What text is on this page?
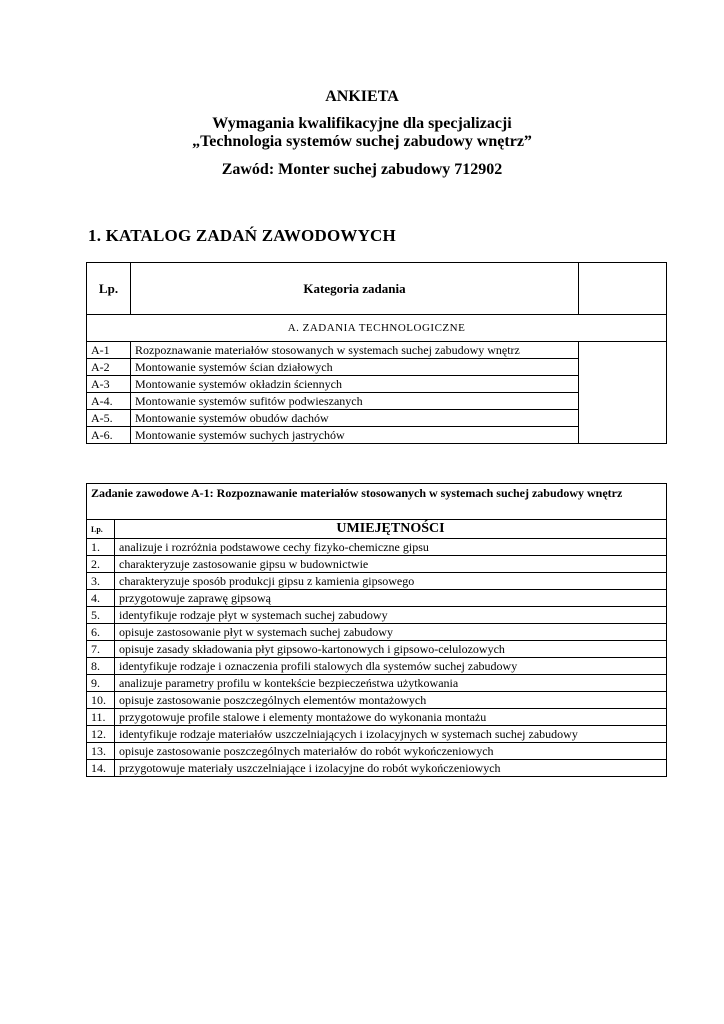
ANKIETA
Wymagania kwalifikacyjne dla specjalizacji
„Technologia systemów suchej zabudowy wnętrz”
Zawód: Monter suchej zabudowy 712902
1. KATALOG ZADAŃ ZAWODOWYCH
Lp.	Kategoria zadania	
A. ZADANIA TECHNOLOGICZNE		
A-1	Rozpoznawanie materiałów stosowanych w systemach suchej zabudowy wnętrz	
A-2	Montowanie systemów ścian działowych	
A-3	Montowanie systemów okładzin ściennych	
A-4.	Montowanie systemów sufitów podwieszanych	
A-5.	Montowanie systemów obudów dachów	
A-6.	Montowanie systemów suchych jastrychów	
Zadanie zawodowe A-1: Rozpoznawanie materiałów stosowanych w systemach suchej zabudowy wnętrz	
Lp.	UMIEJĘTNOŚCI
1.	analizuje i rozróżnia podstawowe cechy fizyko-chemiczne gipsu
2.	charakteryzuje zastosowanie gipsu w budownictwie
3.	charakteryzuje sposób produkcji gipsu z kamienia gipsowego
4.	przygotowuje zaprawę gipsową
5.	identyfikuje rodzaje płyt w systemach suchej zabudowy
6.	opisuje zastosowanie płyt w systemach suchej zabudowy
7.	opisuje zasady składowania płyt gipsowo-kartonowych i gipsowo-celulozowych
8.	identyfikuje rodzaje i oznaczenia profili stalowych dla systemów suchej zabudowy
9.	analizuje parametry profilu w kontekście bezpieczeństwa użytkowania
10.	opisuje zastosowanie poszczególnych elementów montażowych
11.	przygotowuje profile stalowe i elementy montażowe do wykonania montażu
12.	identyfikuje rodzaje materiałów uszczelniających i izolacyjnych w systemach suchej zabudowy
13.	opisuje zastosowanie poszczególnych materiałów do robót wykończeniowych
14.	przygotowuje materiały uszczelniające i izolacyjne do robót wykończeniowych
